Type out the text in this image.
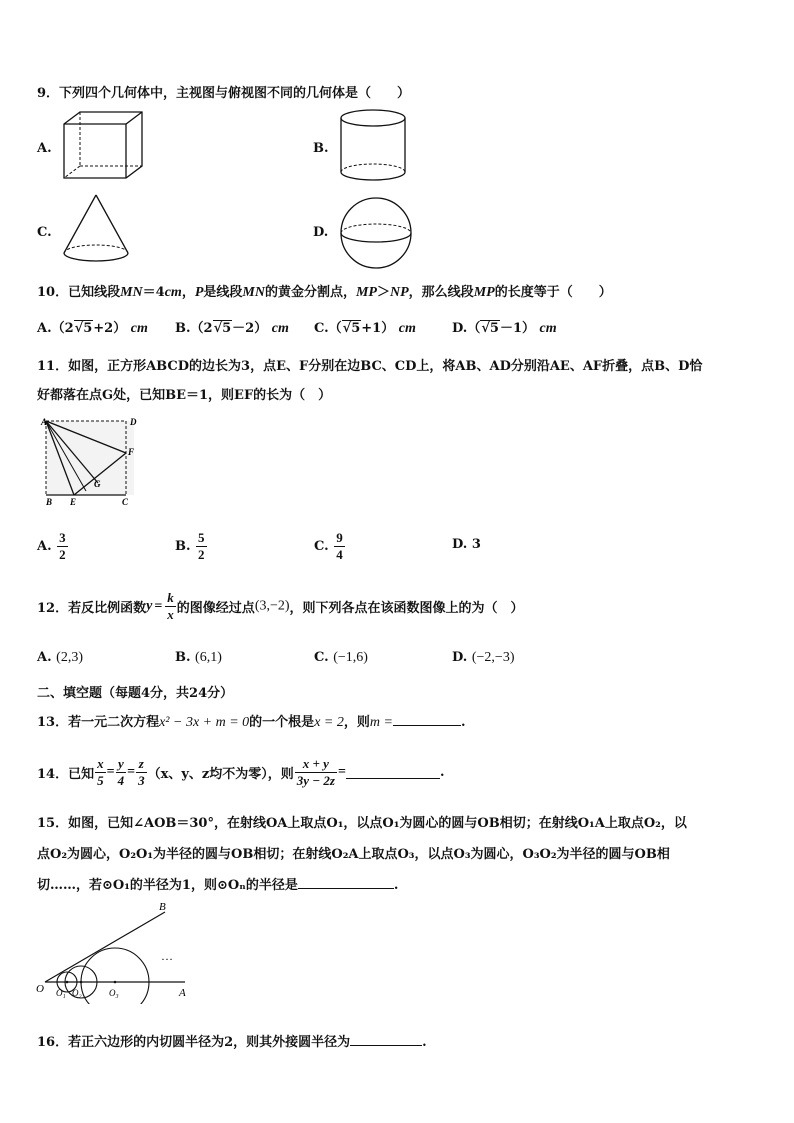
9．下列四个几何体中，主视图与俯视图不同的几何体是（　　）
A.	B.
C.	D.
10．已知线段MN＝4cm，P是线段MN的黄金分割点，MP＞NP，那么线段MP的长度等于（　　）
A.（2√5+2） cm B.（2√5－2） cm C.（√5+1） cm	D.（√5－1） cm
11．如图，正方形ABCD的边长为3，点E、F分别在边BC、CD上，将AB、AD分别沿AE、AF折叠，点B、D恰
好都落在点G处，已知BE＝1，则EF的长为（　）
A	D
F
G
B E	C
A. $\frac{3}{2}$	B. $\frac{5}{2}$	C. $\frac{9}{4}$	D. 3
12．若反比例函数$y = \frac{k}{x}$ 的图像经过点(3,−2)，则下列各点在该函数图像上的为（　）
A. (2,3)	B. (6,1)	C. (−1,6)	D. (−2,−3)
二、填空题（每题4分，共24分）
13．若一元二次方程x² − 3x + m = 0的一个根是x = 2，则m =	.
14．已知 $\frac{x}{5} = \frac{y}{4} = \frac{z}{3} (x$、y、z均不为零），则 $\frac{x + y}{3y - 2z}$ =	.
15．如图，已知∠AOB＝30°，在射线OA上取点O₁，以点O₁为圆心的圆与OB相切；在射线O₁A上取点O₂，以
点O₂为圆心，O₂O₁为半径的圆与OB相切；在射线O₂A上取点O₃，以点O₃为圆心，O₃O₂为半径的圆与OB相
切……，若⊙O₁的半径为1，则⊙Oₙ的半径是	.
B
O O₁ O₂	O₃	A
…
16．若正六边形的内切圆半径为2，则其外接圆半径为	.
